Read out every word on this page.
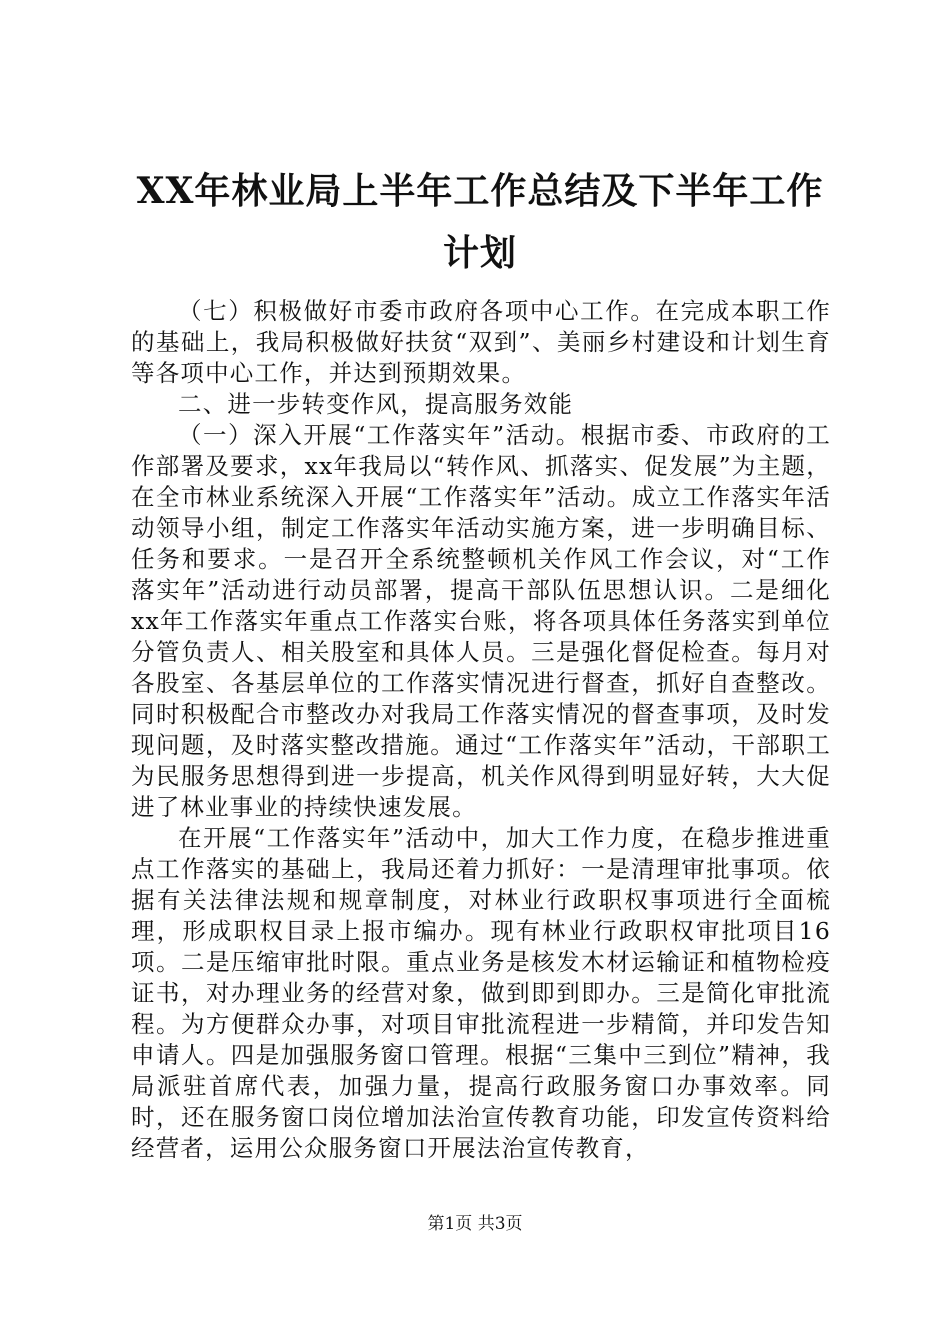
XX年林业局上半年工作总结及下半年工作计划

（七）积极做好市委市政府各项中心工作。在完成本职工作的基础上，我局积极做好扶贫“双到”、美丽乡村建设和计划生育等各项中心工作，并达到预期效果。

二、进一步转变作风，提高服务效能

（一）深入开展“工作落实年”活动。根据市委、市政府的工作部署及要求，xx年我局以“转作风、抓落实、促发展”为主题，在全市林业系统深入开展“工作落实年”活动。成立工作落实年活动领导小组，制定工作落实年活动实施方案，进一步明确目标、任务和要求。一是召开全系统整顿机关作风工作会议，对“工作落实年”活动进行动员部署，提高干部队伍思想认识。二是细化xx年工作落实年重点工作落实台账，将各项具体任务落实到单位分管负责人、相关股室和具体人员。三是强化督促检查。每月对各股室、各基层单位的工作落实情况进行督查，抓好自查整改。同时积极配合市整改办对我局工作落实情况的督查事项，及时发现问题，及时落实整改措施。通过“工作落实年”活动，干部职工为民服务思想得到进一步提高，机关作风得到明显好转，大大促进了林业事业的持续快速发展。

在开展“工作落实年”活动中，加大工作力度，在稳步推进重点工作落实的基础上，我局还着力抓好：一是清理审批事项。依据有关法律法规和规章制度，对林业行政职权事项进行全面梳理，形成职权目录上报市编办。现有林业行政职权审批项目16项。二是压缩审批时限。重点业务是核发木材运输证和植物检疫证书，对办理业务的经营对象，做到即到即办。三是简化审批流程。为方便群众办事，对项目审批流程进一步精简，并印发告知申请人。四是加强服务窗口管理。根据“三集中三到位”精神，我局派驻首席代表，加强力量，提高行政服务窗口办事效率。同时，还在服务窗口岗位增加法治宣传教育功能，印发宣传资料给经营者，运用公众服务窗口开展法治宣传教育，

第1页 共3页
